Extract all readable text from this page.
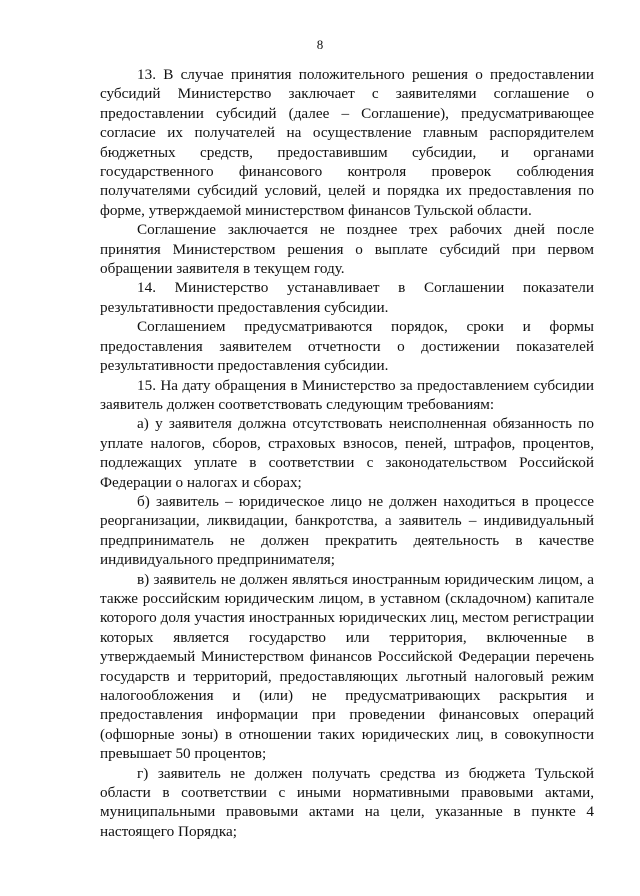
8

13. В случае принятия положительного решения о предоставлении субсидий Министерство заключает с заявителями соглашение о предоставлении субсидий (далее – Соглашение), предусматривающее согласие их получателей на осуществление главным распорядителем бюджетных средств, предоставившим субсидии, и органами государственного финансового контроля проверок соблюдения получателями субсидий условий, целей и порядка их предоставления по форме, утверждаемой министерством финансов Тульской области.

Соглашение заключается не позднее трех рабочих дней после принятия Министерством решения о выплате субсидий при первом обращении заявителя в текущем году.

14. Министерство устанавливает в Соглашении показатели результативности предоставления субсидии.

Соглашением предусматриваются порядок, сроки и формы предоставления заявителем отчетности о достижении показателей результативности предоставления субсидии.

15. На дату обращения в Министерство за предоставлением субсидии заявитель должен соответствовать следующим требованиям:

а) у заявителя должна отсутствовать неисполненная обязанность по уплате налогов, сборов, страховых взносов, пеней, штрафов, процентов, подлежащих уплате в соответствии с законодательством Российской Федерации о налогах и сборах;

б) заявитель – юридическое лицо не должен находиться в процессе реорганизации, ликвидации, банкротства, а заявитель – индивидуальный предприниматель не должен прекратить деятельность в качестве индивидуального предпринимателя;

в) заявитель не должен являться иностранным юридическим лицом, а также российским юридическим лицом, в уставном (складочном) капитале которого доля участия иностранных юридических лиц, местом регистрации которых является государство или территория, включенные в утверждаемый Министерством финансов Российской Федерации перечень государств и территорий, предоставляющих льготный налоговый режим налогообложения и (или) не предусматривающих раскрытия и предоставления информации при проведении финансовых операций (офшорные зоны) в отношении таких юридических лиц, в совокупности превышает 50 процентов;

г) заявитель не должен получать средства из бюджета Тульской области в соответствии с иными нормативными правовыми актами, муниципальными правовыми актами на цели, указанные в пункте 4 настоящего Порядка;
